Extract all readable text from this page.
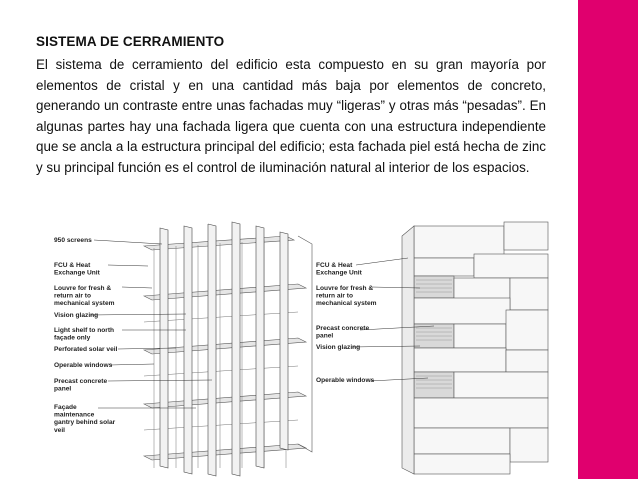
SISTEMA DE CERRAMIENTO
El sistema de cerramiento del edificio esta compuesto en su gran mayoría por elementos de cristal y en una cantidad más baja por elementos de concreto, generando un contraste entre unas fachadas muy “ligeras” y otras más “pesadas”. En algunas partes hay una fachada ligera que cuenta con una estructura independiente que se ancla a la estructura principal del edificio; esta fachada piel está hecha de zinc y su principal función es el control de iluminación natural al interior de los espacios.
950 screens
FCU & Heat Exchange Unit
Louvre for fresh & return air to mechanical system
Vision glazing
Light shelf to north façade only
Perforated solar veil
Operable windows
Precast concrete panel
Façade maintenance gantry behind solar veil
FCU & Heat Exchange Unit
Louvre for fresh & return air to mechanical system
Precast concrete panel
Vision glazing
Operable windows
